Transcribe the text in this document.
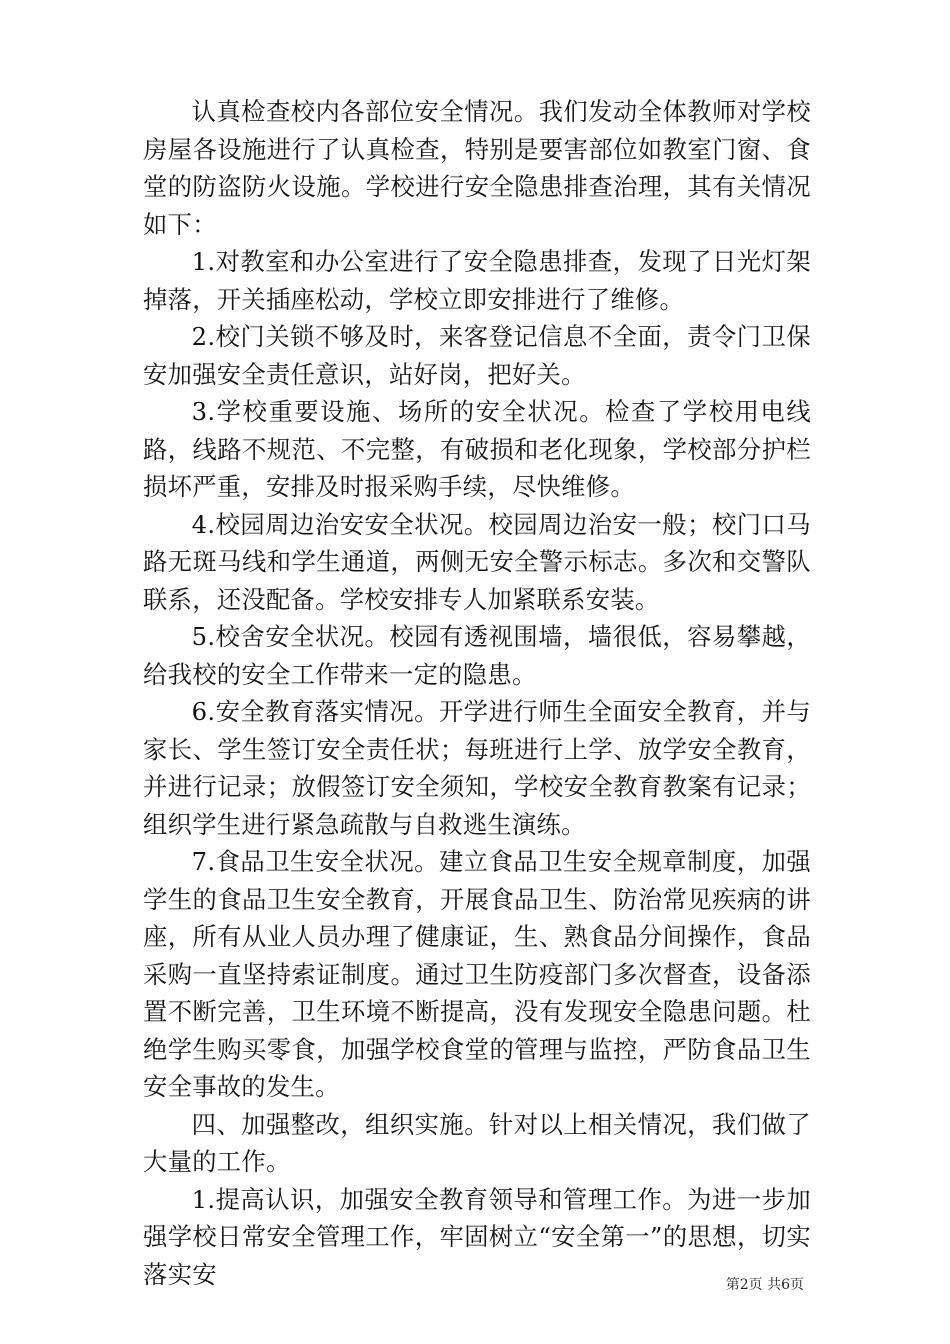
认真检查校内各部位安全情况。我们发动全体教师对学校房屋各设施进行了认真检查，特别是要害部位如教室门窗、食堂的防盗防火设施。学校进行安全隐患排查治理，其有关情况如下：

1.对教室和办公室进行了安全隐患排查，发现了日光灯架掉落，开关插座松动，学校立即安排进行了维修。

2.校门关锁不够及时，来客登记信息不全面，责令门卫保安加强安全责任意识，站好岗，把好关。

3.学校重要设施、场所的安全状况。检查了学校用电线路，线路不规范、不完整，有破损和老化现象，学校部分护栏损坏严重，安排及时报采购手续，尽快维修。

4.校园周边治安安全状况。校园周边治安一般；校门口马路无斑马线和学生通道，两侧无安全警示标志。多次和交警队联系，还没配备。学校安排专人加紧联系安装。

5.校舍安全状况。校园有透视围墙，墙很低，容易攀越，给我校的安全工作带来一定的隐患。

6.安全教育落实情况。开学进行师生全面安全教育，并与家长、学生签订安全责任状；每班进行上学、放学安全教育，并进行记录；放假签订安全须知，学校安全教育教案有记录；组织学生进行紧急疏散与自救逃生演练。

7.食品卫生安全状况。建立食品卫生安全规章制度，加强学生的食品卫生安全教育，开展食品卫生、防治常见疾病的讲座，所有从业人员办理了健康证，生、熟食品分间操作，食品采购一直坚持索证制度。通过卫生防疫部门多次督查，设备添置不断完善，卫生环境不断提高，没有发现安全隐患问题。杜绝学生购买零食，加强学校食堂的管理与监控，严防食品卫生安全事故的发生。

四、加强整改，组织实施。针对以上相关情况，我们做了大量的工作。

1.提高认识，加强安全教育领导和管理工作。为进一步加强学校日常安全管理工作，牢固树立“安全第一”的思想，切实落实安	第2页 共6页
